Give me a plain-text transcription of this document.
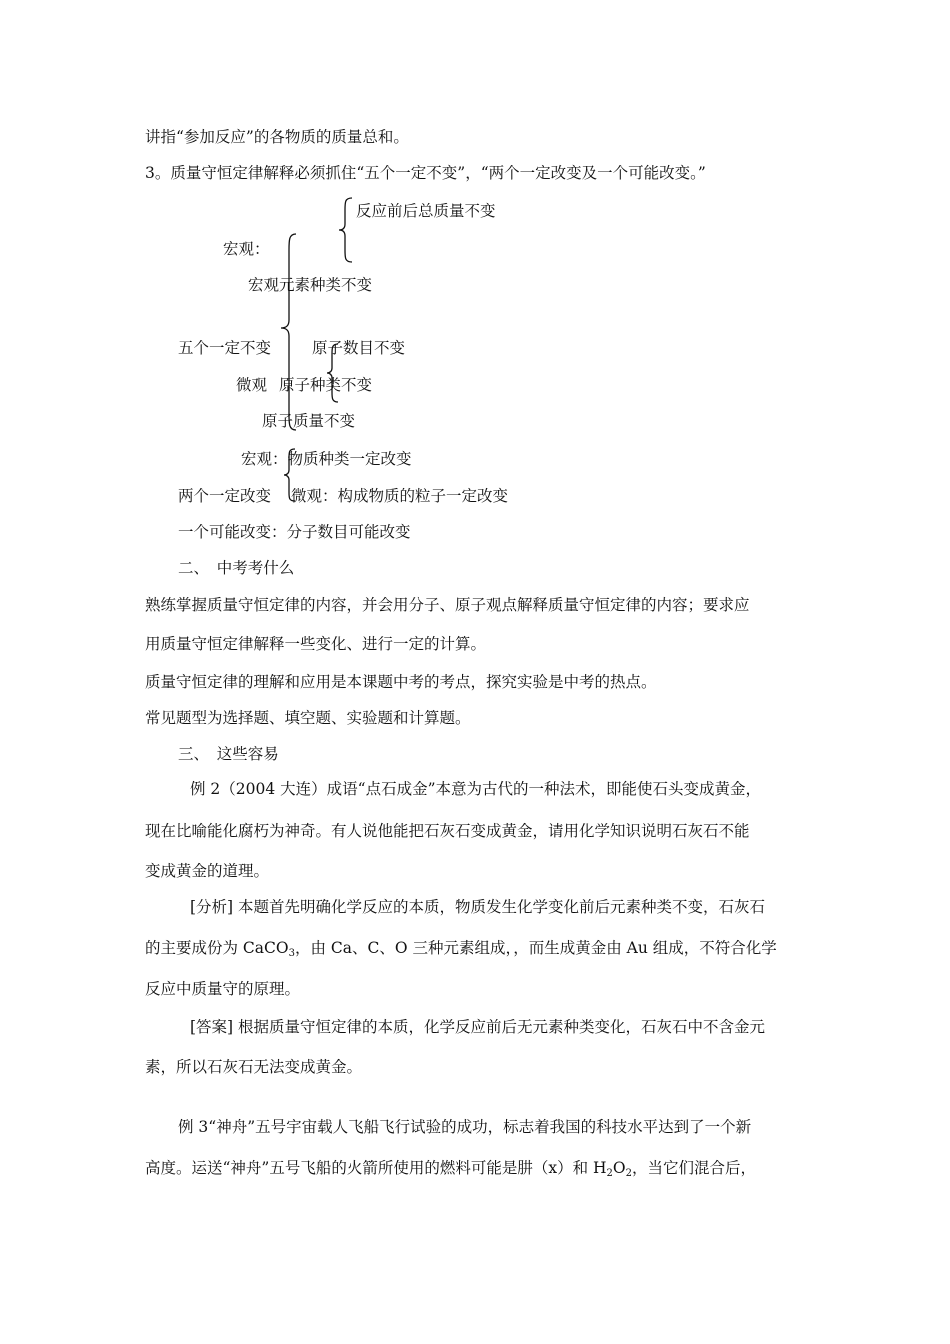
讲指“参加反应”的各物质的质量总和。
3。质量守恒定律解释必须抓住“五个一定不变”，“两个一定改变及一个可能改变。”
反应前后总质量不变
宏观：
宏观元素种类不变
五个一定不变	原子数目不变
微观 原子种类不变
原子质量不变
宏观：物质种类一定改变
两个一定改变 微观：构成物质的粒子一定改变
一个可能改变：分子数目可能改变
二、　中考考什么
熟练掌握质量守恒定律的内容，并会用分子、原子观点解释质量守恒定律的内容；要求应
用质量守恒定律解释一些变化、进行一定的计算。
质量守恒定律的理解和应用是本课题中考的考点，探究实验是中考的热点。
常见题型为选择题、填空题、实验题和计算题。
三、　这些容易
例 2（2004 大连）成语“点石成金”本意为古代的一种法术，即能使石头变成黄金，
现在比喻能化腐朽为神奇。有人说他能把石灰石变成黄金，请用化学知识说明石灰石不能
变成黄金的道理。
[分析] 本题首先明确化学反应的本质，物质发生化学变化前后元素种类不变，石灰石
的主要成份为 CaCO$_3$，由 Ca、C、O 三种元素组成，，而生成黄金由 Au 组成，不符合化学
反应中质量守的原理。
[答案] 根据质量守恒定律的本质，化学反应前后无元素种类变化，石灰石中不含金元
素，所以石灰石无法变成黄金。
例 3“神舟”五号宇宙载人飞船飞行试验的成功，标志着我国的科技水平达到了一个新
高度。运送“神舟”五号飞船的火箭所使用的燃料可能是肼（x）和 $H_2O_2$，当它们混合后，
